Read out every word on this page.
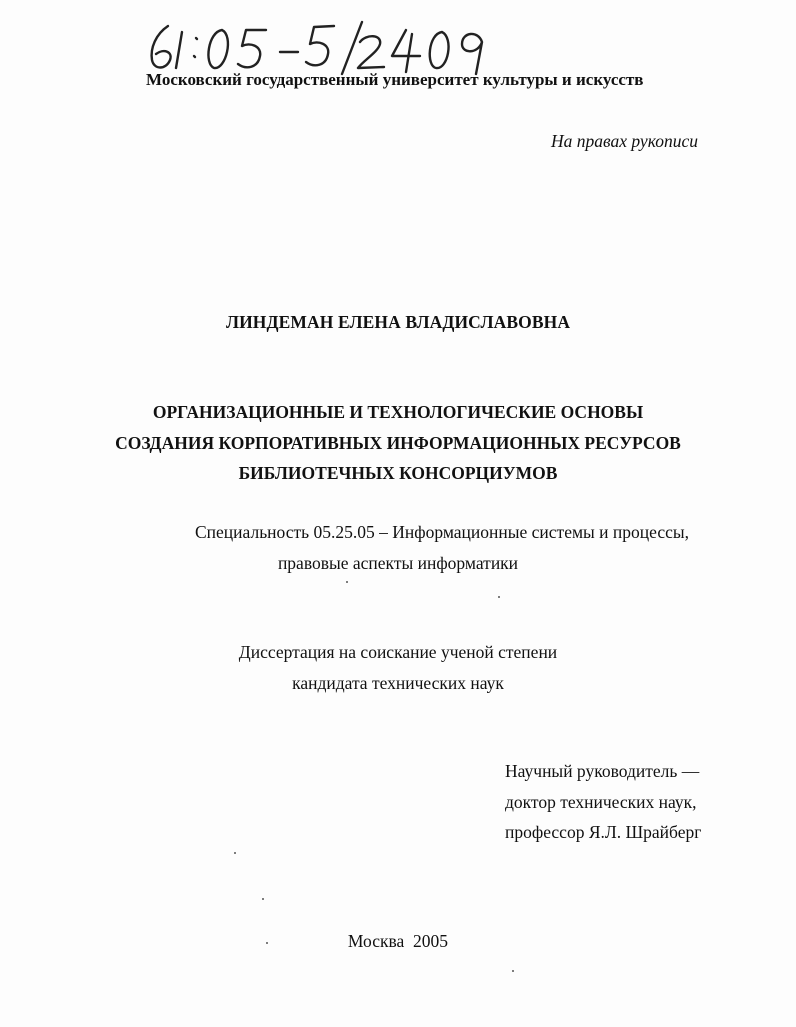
Московский государственный университет культуры и искусств
На правах рукописи
ЛИНДЕМАН ЕЛЕНА ВЛАДИСЛАВОВНА
ОРГАНИЗАЦИОННЫЕ И ТЕХНОЛОГИЧЕСКИЕ ОСНОВЫ
СОЗДАНИЯ КОРПОРАТИВНЫХ ИНФОРМАЦИОННЫХ РЕСУРСОВ
БИБЛИОТЕЧНЫХ КОНСОРЦИУМОВ
Специальность 05.25.05 – Информационные системы и процессы,
правовые аспекты информатики
Диссертация на соискание ученой степени
кандидата технических наук
Научный руководитель —
доктор технических наук,
профессор Я.Л. Шрайберг
Москва  2005
